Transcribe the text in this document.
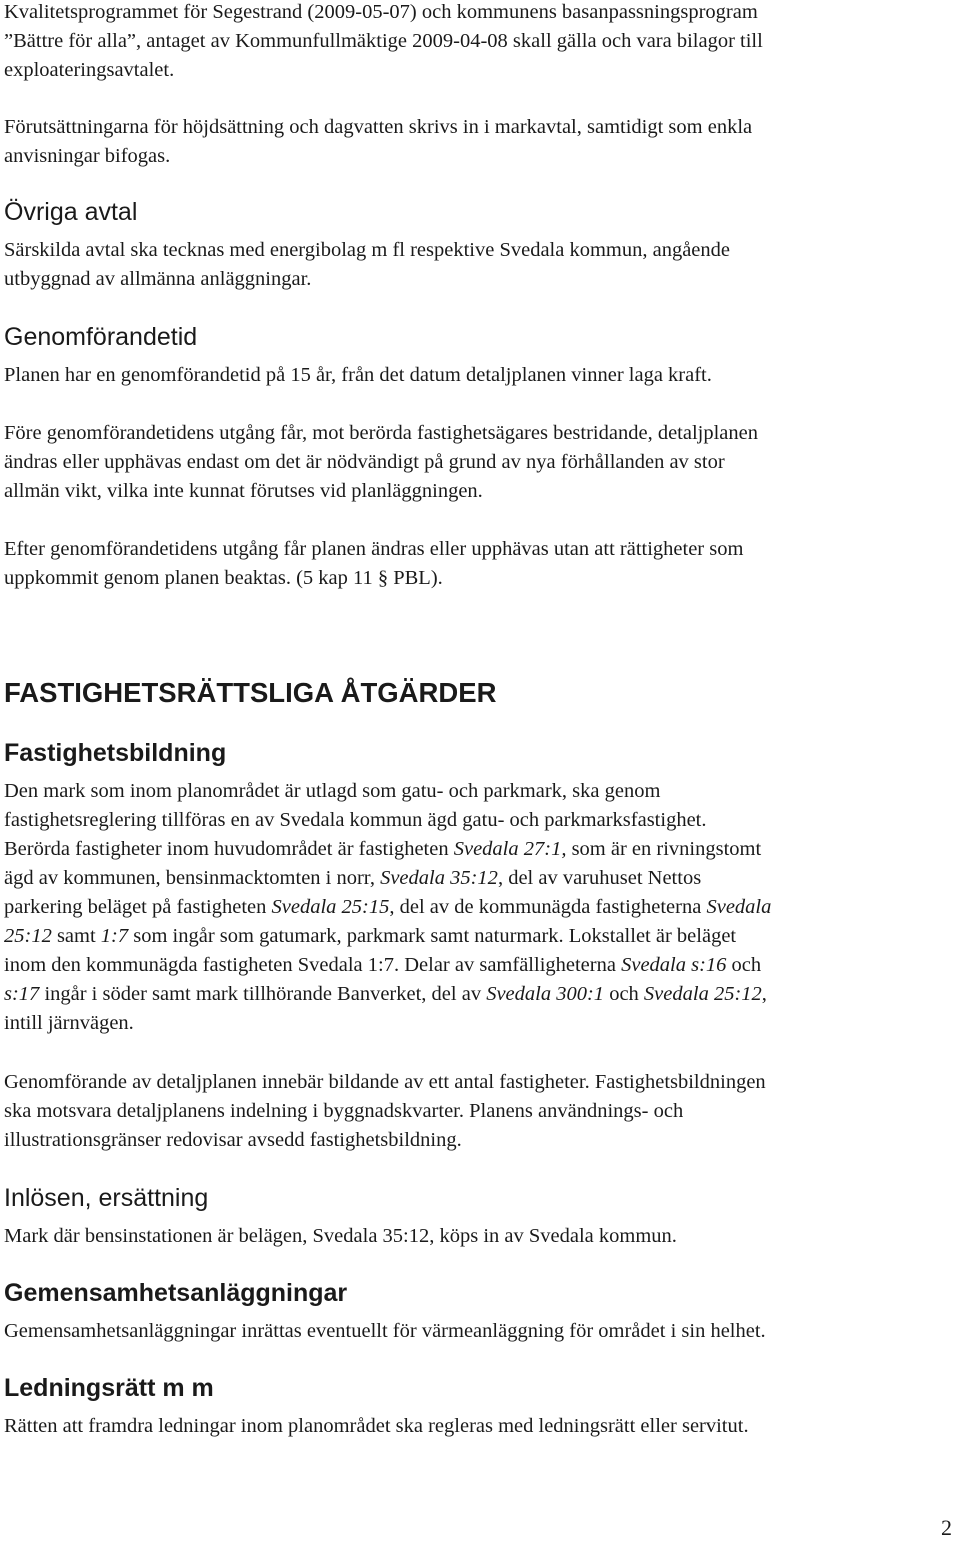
Kvalitetsprogrammet för Segestrand (2009-05-07) och kommunens basanpassningsprogram
”Bättre för alla”, antaget av Kommunfullmäktige 2009-04-08 skall gälla och vara bilagor till
exploateringsavtalet.

Förutsättningarna för höjdsättning och dagvatten skrivs in i markavtal, samtidigt som enkla
anvisningar bifogas.

Övriga avtal

Särskilda avtal ska tecknas med energibolag m fl respektive Svedala kommun, angående
utbyggnad av allmänna anläggningar.

Genomförandetid

Planen har en genomförandetid på 15 år, från det datum detaljplanen vinner laga kraft.

Före genomförandetidens utgång får, mot berörda fastighetsägares bestridande, detaljplanen
ändras eller upphävas endast om det är nödvändigt på grund av nya förhållanden av stor
allmän vikt, vilka inte kunnat förutses vid planläggningen.

Efter genomförandetidens utgång får planen ändras eller upphävas utan att rättigheter som
uppkommit genom planen beaktas. (5 kap 11 § PBL).

FASTIGHETSRÄTTSLIGA ÅTGÄRDER
Fastighetsbildning

Den mark som inom planområdet är utlagd som gatu- och parkmark, ska genom
fastighetsreglering tillföras en av Svedala kommun ägd gatu- och parkmarksfastighet.
Berörda fastigheter inom huvudområdet är fastigheten Svedala 27:1, som är en rivningstomt
ägd av kommunen, bensinmacktomten i norr, Svedala 35:12, del av varuhuset Nettos
parkering beläget på fastigheten Svedala 25:15, del av de kommunägda fastigheterna Svedala
25:12 samt 1:7 som ingår som gatumark, parkmark samt naturmark. Lokstallet är beläget
inom den kommunägda fastigheten Svedala 1:7. Delar av samfälligheterna Svedala s:16 och
s:17 ingår i söder samt mark tillhörande Banverket, del av Svedala 300:1 och Svedala 25:12,
intill järnvägen.

Genomförande av detaljplanen innebär bildande av ett antal fastigheter. Fastighetsbildningen
ska motsvara detaljplanens indelning i byggnadskvarter. Planens användnings- och
illustrationsgränser redovisar avsedd fastighetsbildning.

Inlösen, ersättning

Mark där bensinstationen är belägen, Svedala 35:12, köps in av Svedala kommun.

Gemensamhetsanläggningar

Gemensamhetsanläggningar inrättas eventuellt för värmeanläggning för området i sin helhet.

Ledningsrätt m m

Rätten att framdra ledningar inom planområdet ska regleras med ledningsrätt eller servitut.

2
